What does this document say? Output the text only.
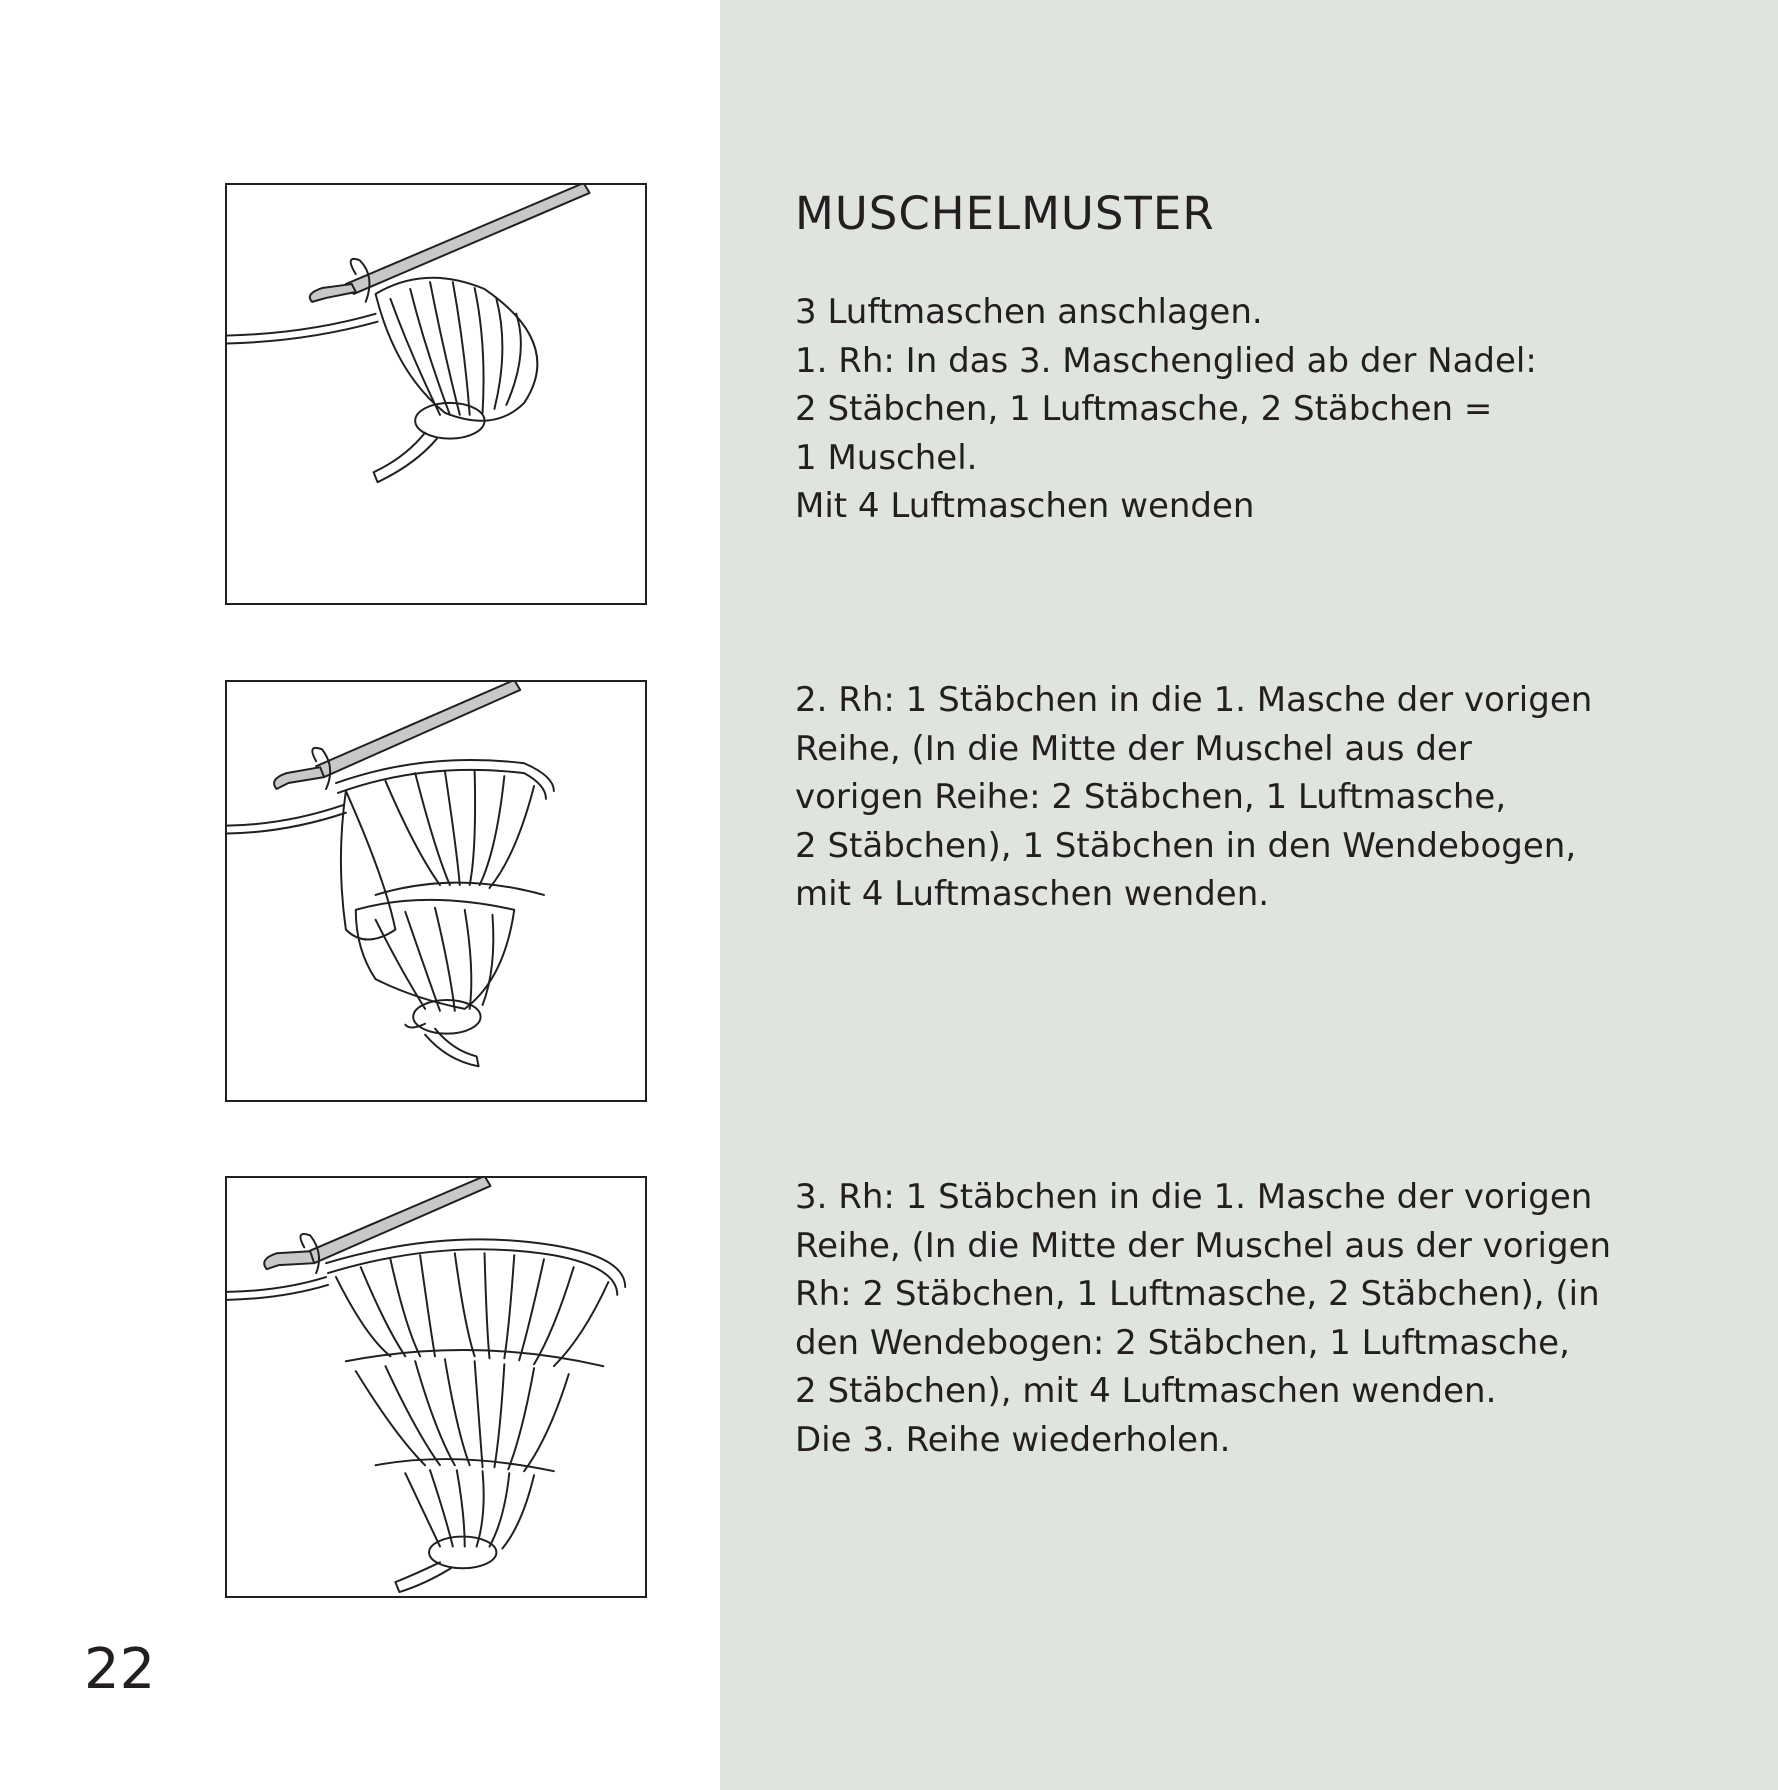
22
MUSCHELMUSTER
3 Luftmaschen anschlagen.
1. Rh: In das 3. Maschenglied ab der Nadel:
2 Stäbchen, 1 Luftmasche, 2 Stäbchen =
1 Muschel.
Mit 4 Luftmaschen wenden
2. Rh: 1 Stäbchen in die 1. Masche der vorigen
Reihe, (In die Mitte der Muschel aus der
vorigen Reihe: 2 Stäbchen, 1 Luftmasche,
2 Stäbchen), 1 Stäbchen in den Wendebogen,
mit 4 Luftmaschen wenden.
3. Rh: 1 Stäbchen in die 1. Masche der vorigen
Reihe, (In die Mitte der Muschel aus der vorigen
Rh: 2 Stäbchen, 1 Luftmasche, 2 Stäbchen), (in
den Wendebogen: 2 Stäbchen, 1 Luftmasche,
2 Stäbchen), mit 4 Luftmaschen wenden.
Die 3. Reihe wiederholen.
